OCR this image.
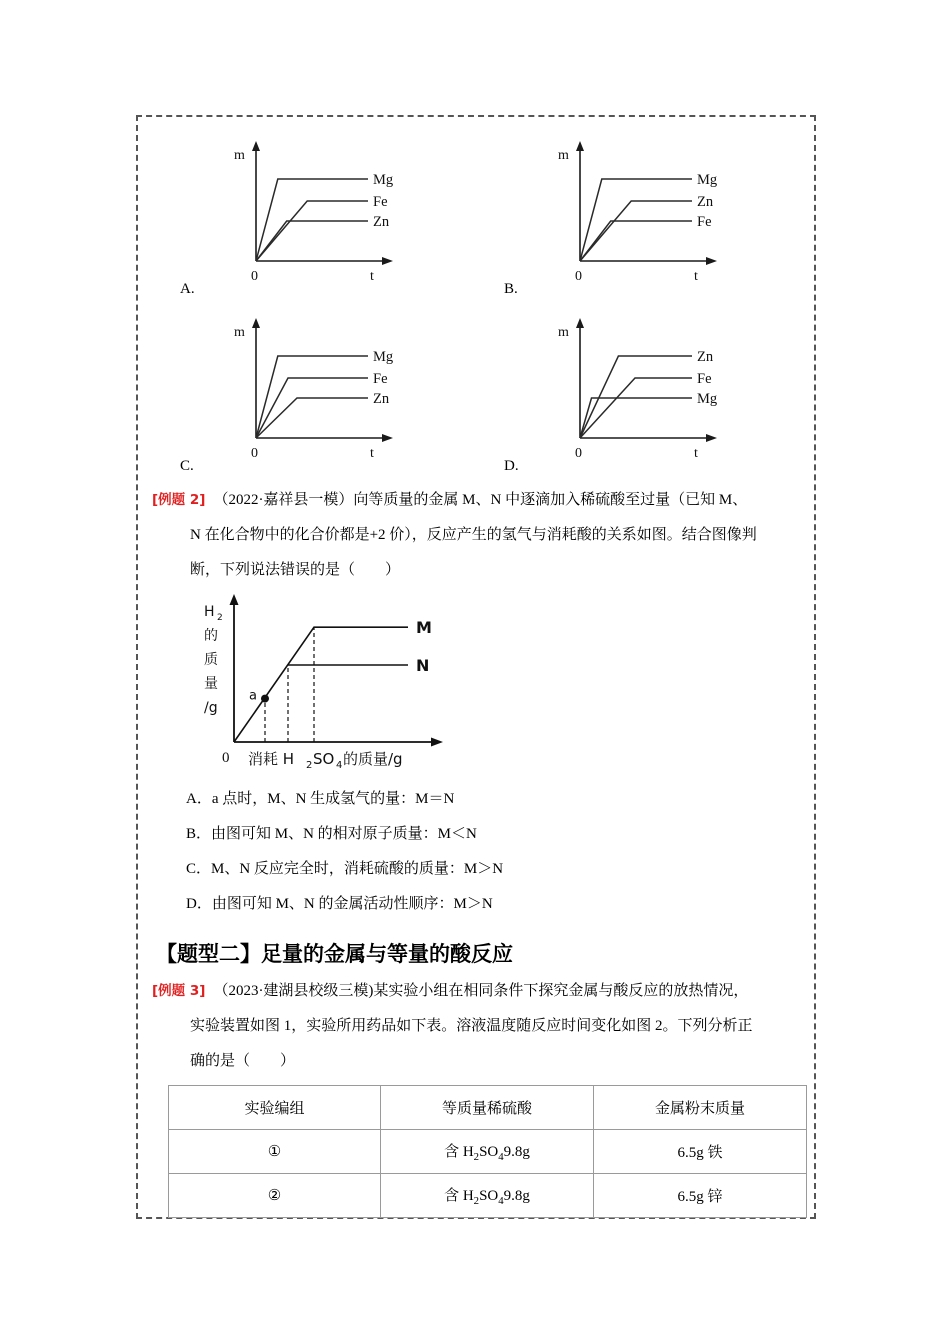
A.
m
t
0
Mg
Fe
Zn
B.
m
t
0
Mg
Zn
Fe
C.
m
t
0
Mg
Fe
Zn
D.
m
t
0
Zn
Fe
Mg
[例题 2] （2022·嘉祥县一模）向等质量的金属 M、N 中逐滴加入稀硫酸至过量（已知 M、
N 在化合物中的化合价都是+2 价），反应产生的氢气与消耗酸的关系如图。结合图像判
断，下列说法错误的是（　　）
H 2
的
质
量
/g
0
M
N
a
消耗 H 2 SO 4 的质量/g
A．a 点时，M、N 生成氢气的量：M＝N
B．由图可知 M、N 的相对原子质量：M＜N
C．M、N 反应完全时，消耗硫酸的质量：M＞N
D．由图可知 M、N 的金属活动性顺序：M＞N
【题型二】足量的金属与等量的酸反应
[例题 3] （2023·建湖县校级三模)某实验小组在相同条件下探究金属与酸反应的放热情况，
实验装置如图 1，实验所用药品如下表。溶液温度随反应时间变化如图 2。下列分析正
确的是（　　）
实验编组	等质量稀硫酸	金属粉末质量
①	含 $H_2SO_49.8g$	6.5g 铁
②	含 $H_2SO_49.8g$	6.5g 锌
